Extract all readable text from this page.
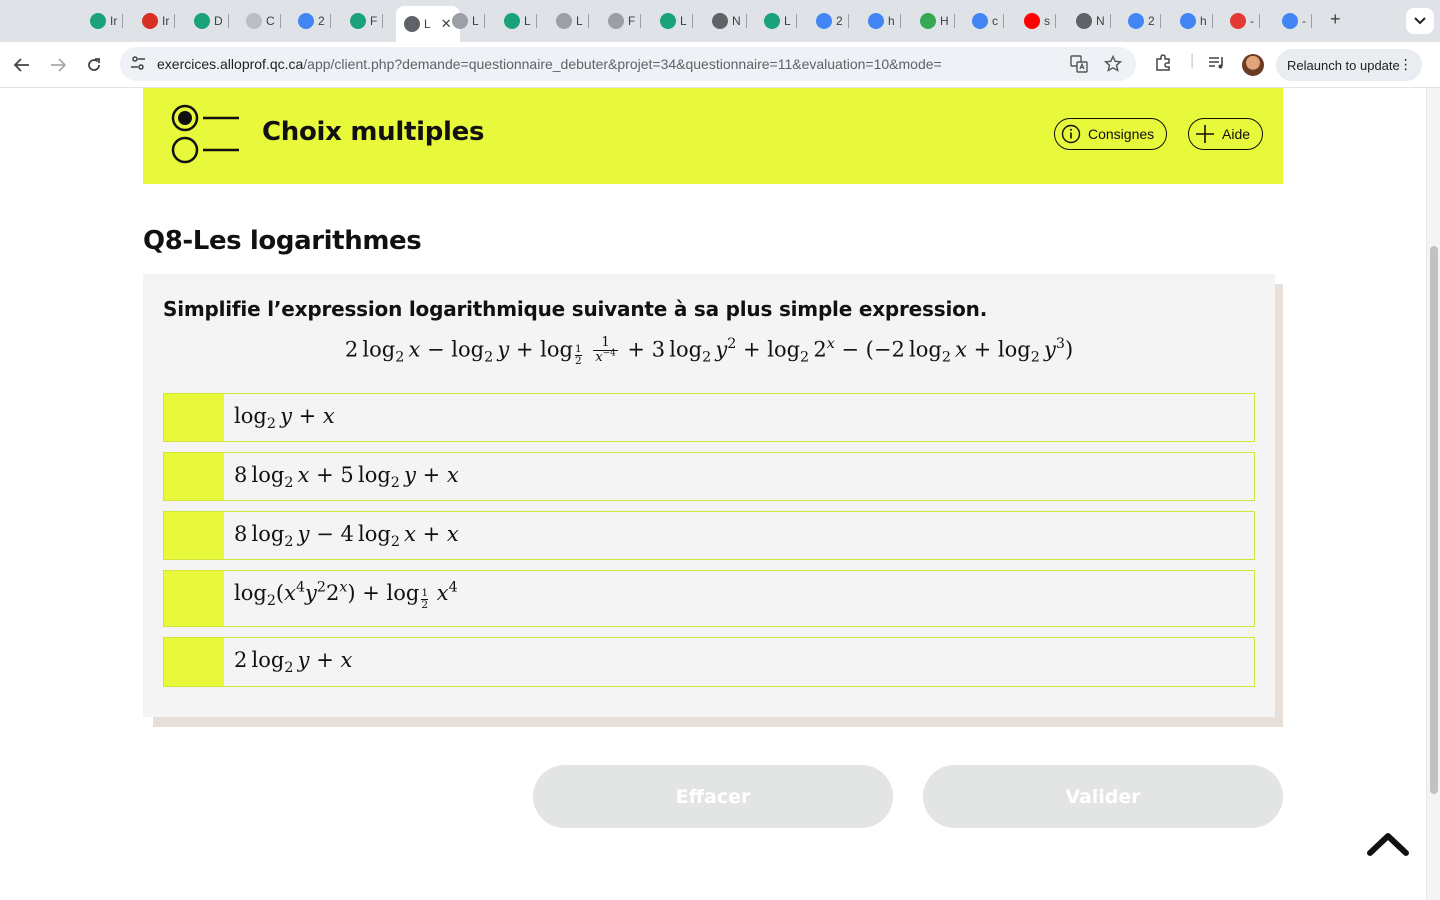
Ir	Ir	D	C	2	F	L ✕ L	L	L	F	L	N	L	2	h	H	c	s	N	2	h	-	- +
exercices.alloprof.qc.ca/app/client.php?demande=questionnaire_debuter&projet=34&questionnaire=11&evaluation=10&mode=	|	Relaunch to update ⋮
Choix multiples	Consignes	Aide
Q8-Les logarithmes
Simplifie l’expression logarithmique suivante à sa plus simple expression.
2 $\log_2 x - \log_2 y + \log \frac{1}{2}$
$\frac{1}{x^{-4}} + 3$ $\log_2 y^2 + \log_2 2^x - (-2$ $\log_2 x + \log_2 y^3$)
$\log_2 y + x$
8 $\log_2 x + 5$ $\log_2 y + x$
8 $\log_2 y - 4$ $\log_2 x + x$
$\log_2(x^4y^22^x) + \log \frac{1}{2} x^4$
2 $\log_2 y + x$
Effacer	Valider
